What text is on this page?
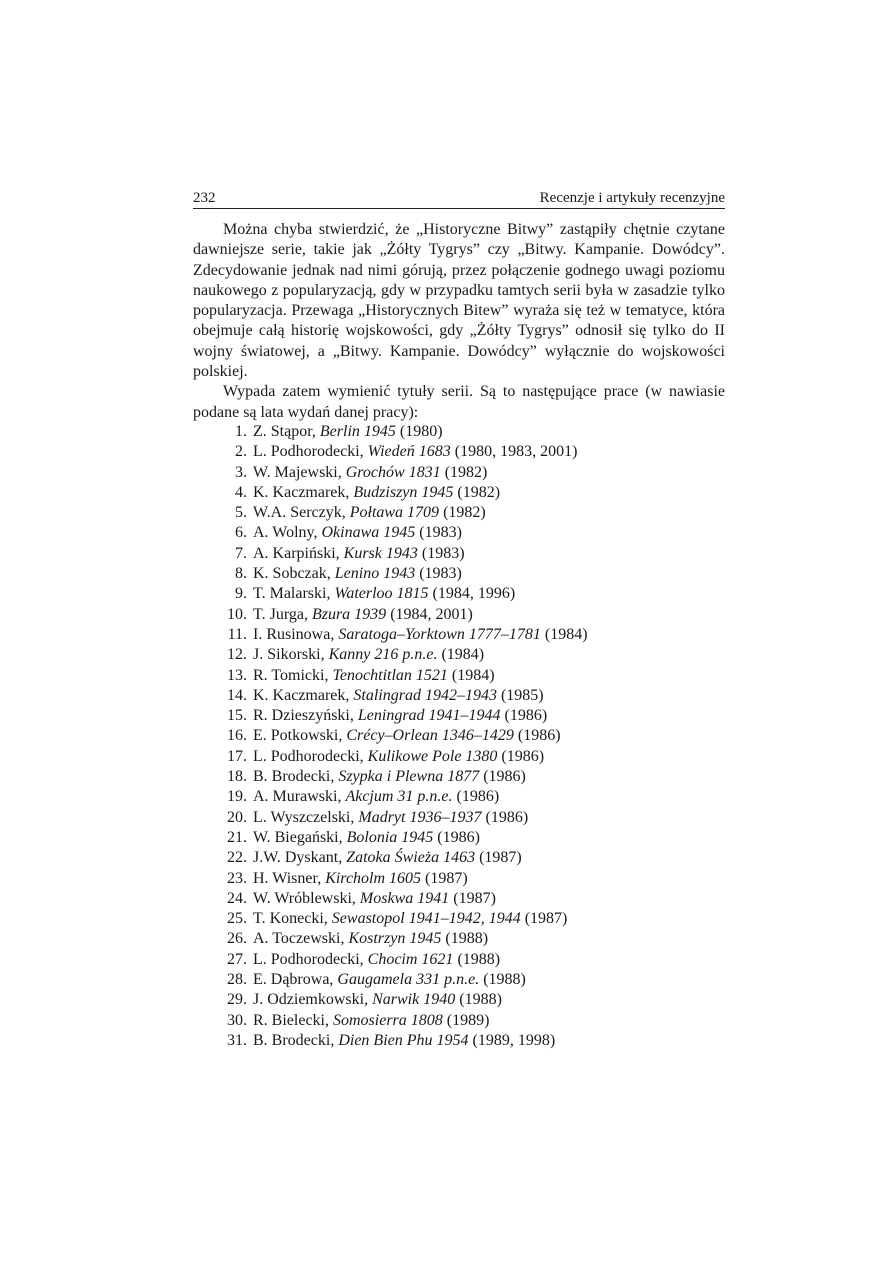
232	Recenzje i artykuły recenzyjne

Można chyba stwierdzić, że „Historyczne Bitwy” zastąpiły chętnie czytane dawniejsze serie, takie jak „Żółty Tygrys” czy „Bitwy. Kampanie. Dowódcy”. Zdecydowanie jednak nad nimi górują, przez połączenie godnego uwagi poziomu naukowego z popularyzacją, gdy w przypadku tamtych serii była w zasadzie tylko popularyzacja. Przewaga „Historycznych Bitew” wyraża się też w tematyce, która obejmuje całą historię wojskowości, gdy „Żółty Tygrys” odnosił się tylko do II wojny światowej, a „Bitwy. Kampanie. Dowódcy” wyłącznie do wojskowości polskiej.

Wypada zatem wymienić tytuły serii. Są to następujące prace (w nawiasie podane są lata wydań danej pracy):

1. Z. Stąpor, Berlin 1945 (1980)
2. L. Podhorodecki, Wiedeń 1683 (1980, 1983, 2001)
3. W. Majewski, Grochów 1831 (1982)
4. K. Kaczmarek, Budziszyn 1945 (1982)
5. W.A. Serczyk, Połtawa 1709 (1982)
6. A. Wolny, Okinawa 1945 (1983)
7. A. Karpiński, Kursk 1943 (1983)
8. K. Sobczak, Lenino 1943 (1983)
9. T. Malarski, Waterloo 1815 (1984, 1996)
10. T. Jurga, Bzura 1939 (1984, 2001)
11. I. Rusinowa, Saratoga–Yorktown 1777–1781 (1984)
12. J. Sikorski, Kanny 216 p.n.e. (1984)
13. R. Tomicki, Tenochtitlan 1521 (1984)
14. K. Kaczmarek, Stalingrad 1942–1943 (1985)
15. R. Dzieszyński, Leningrad 1941–1944 (1986)
16. E. Potkowski, Crécy–Orlean 1346–1429 (1986)
17. L. Podhorodecki, Kulikowe Pole 1380 (1986)
18. B. Brodecki, Szypka i Plewna 1877 (1986)
19. A. Murawski, Akcjum 31 p.n.e. (1986)
20. L. Wyszczelski, Madryt 1936–1937 (1986)
21. W. Biegański, Bolonia 1945 (1986)
22. J.W. Dyskant, Zatoka Świeża 1463 (1987)
23. H. Wisner, Kircholm 1605 (1987)
24. W. Wróblewski, Moskwa 1941 (1987)
25. T. Konecki, Sewastopol 1941–1942, 1944 (1987)
26. A. Toczewski, Kostrzyn 1945 (1988)
27. L. Podhorodecki, Chocim 1621 (1988)
28. E. Dąbrowa, Gaugamela 331 p.n.e. (1988)
29. J. Odziemkowski, Narwik 1940 (1988)
30. R. Bielecki, Somosierra 1808 (1989)
31. B. Brodecki, Dien Bien Phu 1954 (1989, 1998)
